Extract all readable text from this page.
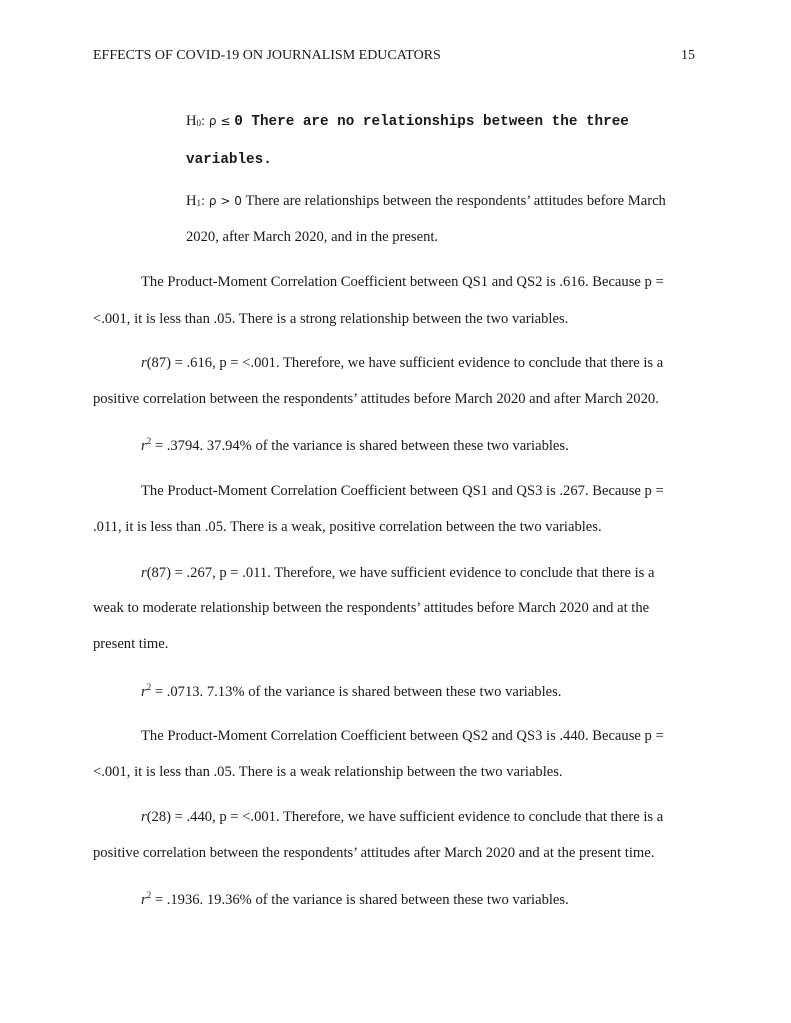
EFFECTS OF COVID-19 ON JOURNALISM EDUCATORS	15
$H_0$: ρ ≤ 0 There are no relationships between the three
variables.
$H_1$: ρ > 0 There are relationships between the respondents’ attitudes before March
2020, after March 2020, and in the present.
The Product-Moment Correlation Coefficient between QS1 and QS2 is .616. Because p =
<.001, it is less than .05. There is a strong relationship between the two variables.
r(87) = .616, p = <.001. Therefore, we have sufficient evidence to conclude that there is a
positive correlation between the respondents’ attitudes before March 2020 and after March 2020.
$r^2 = .3794$. 37.94% of the variance is shared between these two variables.
The Product-Moment Correlation Coefficient between QS1 and QS3 is .267. Because p =
.011, it is less than .05. There is a weak, positive correlation between the two variables.
r(87) = .267, p = .011. Therefore, we have sufficient evidence to conclude that there is a
weak to moderate relationship between the respondents’ attitudes before March 2020 and at the
present time.
$r^2 = .0713$. 7.13% of the variance is shared between these two variables.
The Product-Moment Correlation Coefficient between QS2 and QS3 is .440. Because p =
<.001, it is less than .05. There is a weak relationship between the two variables.
r(28) = .440, p = <.001. Therefore, we have sufficient evidence to conclude that there is a
positive correlation between the respondents’ attitudes after March 2020 and at the present time.
$r^2 = .1936$. 19.36% of the variance is shared between these two variables.
